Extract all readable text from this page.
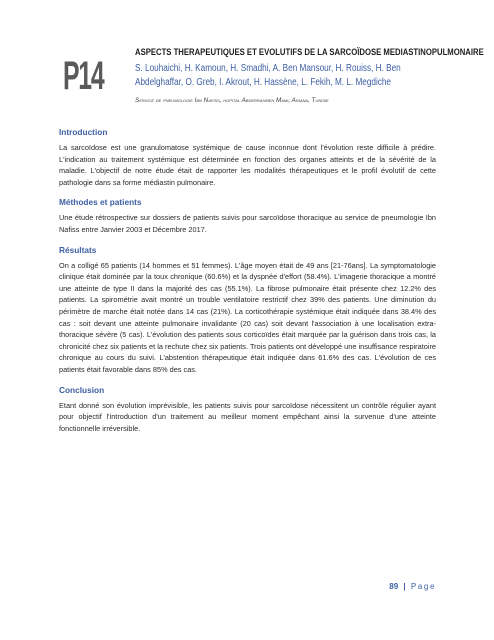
P14
ASPECTS THERAPEUTIQUES ET EVOLUTIFS DE LA SARCOÏDOSE MEDIASTINOPULMONAIRE
S. Louhaichi, H. Kamoun, H. Smadhi, A. Ben Mansour, H. Rouiss, H. Ben Abdelghaffar, O. Greb, I. Akrout, H. Hassène, L. Fekih, M. L. Megdiche
Service de pneumologie Ibn Nafiss, hopital Abderrahmen Mami, Ariana, Tunisie
Introduction

La sarcoïdose est une granulomatose systémique de cause inconnue dont l'évolution reste difficile à prédire. L'indication au traitement systémique est déterminée en fonction des organes atteints et de la sévérité de la maladie. L'objectif de notre étude était de rapporter les modalités thérapeutiques et le profil évolutif de cette pathologie dans sa forme médiastin pulmonaire.

Méthodes et patients

Une étude rétrospective sur dossiers de patients suivis pour sarcoïdose thoracique au service de pneumologie Ibn Nafiss entre Janvier 2003 et Décembre 2017.

Résultats

On a colligé 65 patients (14 hommes et 51 femmes). L'âge moyen était de 49 ans [21-76ans]. La symptomatologie clinique était dominée par la toux chronique (60.6%) et la dyspnée d'effort (58.4%). L'imagerie thoracique a montré une atteinte de type II dans la majorité des cas (55.1%). La fibrose pulmonaire était présente chez 12.2% des patients. La spirométrie avait montré un trouble ventilatoire restrictif chez 39% des patients. Une diminution du périmètre de marche était notée dans 14 cas (21%). La corticothérapie systémique était indiquée dans 38.4% des cas : soit devant une atteinte pulmonaire invalidante (20 cas) soit devant l'association à une localisation extra-thoracique sévère (5 cas). L'évolution des patients sous corticoïdes était marquée par la guérison dans trois cas, la chronicité chez six patients et la rechute chez six patients. Trois patients ont développé une insuffisance respiratoire chronique au cours du suivi. L'abstention thérapeutique était indiquée dans 61.6% des cas. L'évolution de ces patients était favorable dans 85% des cas.

Conclusion

Etant donné son évolution imprévisible, les patients suivis pour sarcoïdose nécessitent un contrôle régulier ayant pour objectif l'introduction d'un traitement au meilleur moment empêchant ainsi la survenue d'une atteinte fonctionnelle irréversible.

89 | Page
